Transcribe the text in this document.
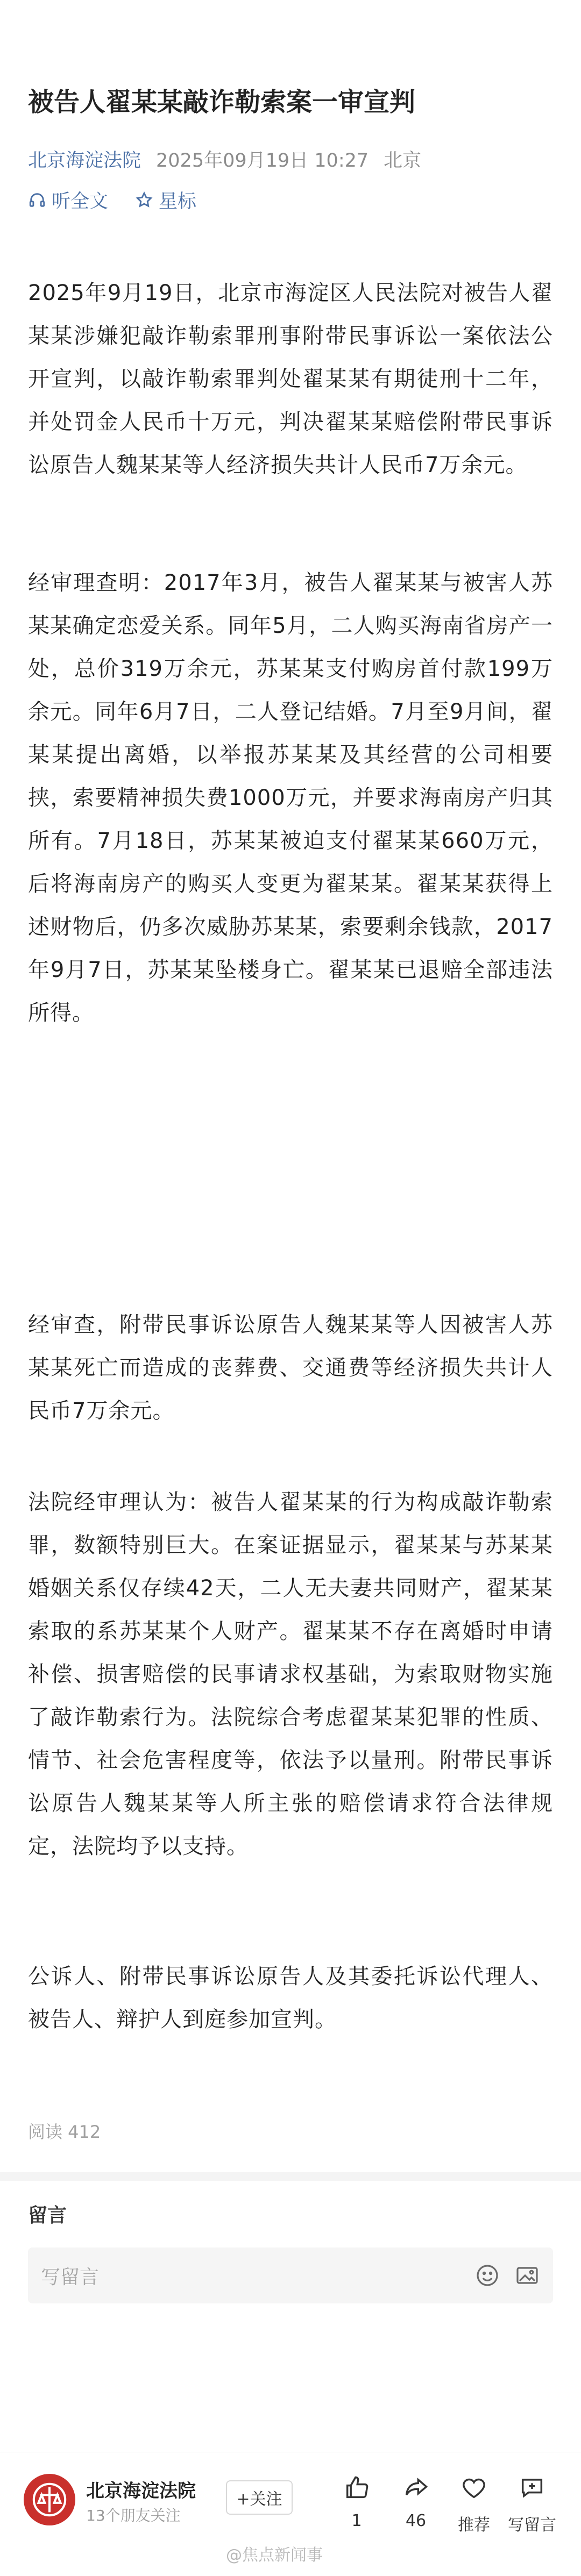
被告人翟某某敲诈勒索案一审宣判
北京海淀法院 2025年09月19日 10:27 北京
听全文	星标

2025年9月19日，北京市海淀区人民法院对被告人翟某某涉嫌犯敲诈勒索罪刑事附带民事诉讼一案依法公开宣判，以敲诈勒索罪判处翟某某有期徒刑十二年，并处罚金人民币十万元，判决翟某某赔偿附带民事诉讼原告人魏某某等人经济损失共计人民币7万余元。

经审理查明：2017年3月，被告人翟某某与被害人苏某某确定恋爱关系。同年5月，二人购买海南省房产一处，总价319万余元，苏某某支付购房首付款199万余元。同年6月7日，二人登记结婚。7月至9月间，翟某某提出离婚，以举报苏某某及其经营的公司相要挟，索要精神损失费1000万元，并要求海南房产归其所有。7月18日，苏某某被迫支付翟某某660万元，后将海南房产的购买人变更为翟某某。翟某某获得上述财物后，仍多次威胁苏某某，索要剩余钱款，2017年9月7日，苏某某坠楼身亡。翟某某已退赔全部违法所得。

经审查，附带民事诉讼原告人魏某某等人因被害人苏某某死亡而造成的丧葬费、交通费等经济损失共计人民币7万余元。

法院经审理认为：被告人翟某某的行为构成敲诈勒索罪，数额特别巨大。在案证据显示，翟某某与苏某某婚姻关系仅存续42天，二人无夫妻共同财产，翟某某索取的系苏某某个人财产。翟某某不存在离婚时申请补偿、损害赔偿的民事请求权基础，为索取财物实施了敲诈勒索行为。法院综合考虑翟某某犯罪的性质、情节、社会危害程度等，依法予以量刑。附带民事诉讼原告人魏某某等人所主张的赔偿请求符合法律规定，法院均予以支持。

公诉人、附带民事诉讼原告人及其委托诉讼代理人、被告人、辩护人到庭参加宣判。

阅读 412
留言
写留言
北京海淀法院
13个朋友关注
+关注
1	46	推荐	写留言
@焦点新闻事
